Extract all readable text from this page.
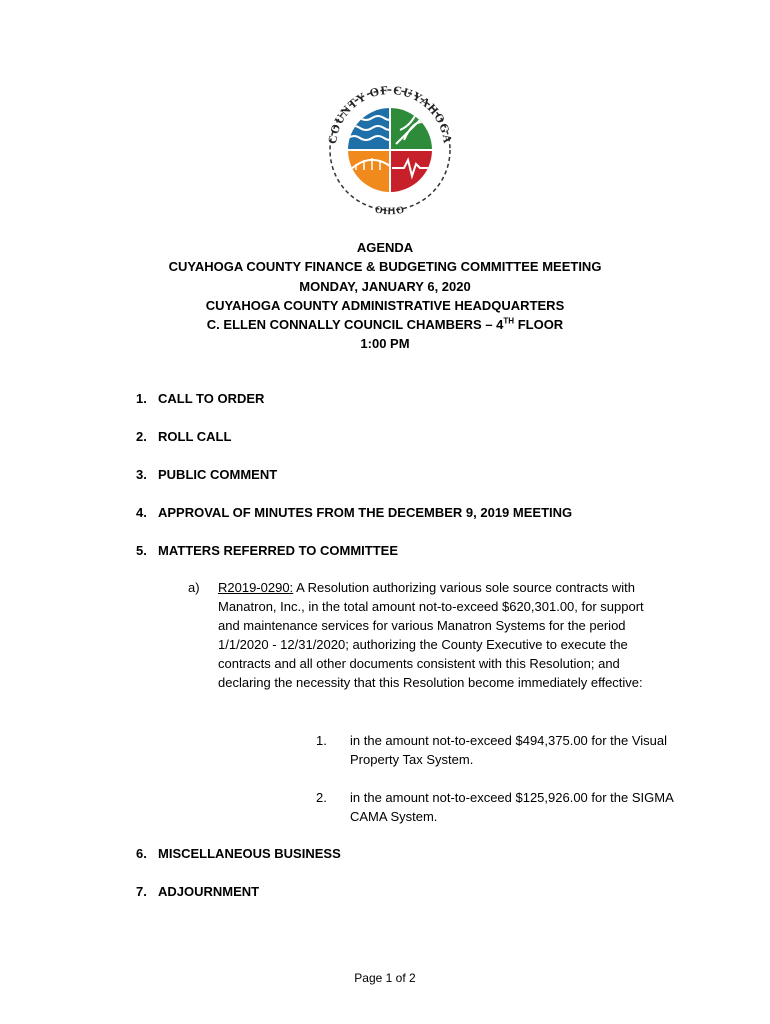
COUNTY OF CUYAHOGA
OHIO
AGENDA
CUYAHOGA COUNTY FINANCE & BUDGETING COMMITTEE MEETING
MONDAY, JANUARY 6, 2020
CUYAHOGA COUNTY ADMINISTRATIVE HEADQUARTERS
C. ELLEN CONNALLY COUNCIL CHAMBERS – 4TH FLOOR
1:00 PM
1. CALL TO ORDER
2. ROLL CALL
3. PUBLIC COMMENT
4. APPROVAL OF MINUTES FROM THE DECEMBER 9, 2019 MEETING
5. MATTERS REFERRED TO COMMITTEE
a) R2019-0290: A Resolution authorizing various sole source contracts with Manatron, Inc., in the total amount not-to-exceed $620,301.00, for support and maintenance services for various Manatron Systems for the period 1/1/2020 - 12/31/2020; authorizing the County Executive to execute the contracts and all other documents consistent with this Resolution; and declaring the necessity that this Resolution become immediately effective:
1. in the amount not-to-exceed $494,375.00 for the Visual Property Tax System.
2. in the amount not-to-exceed $125,926.00 for the SIGMA CAMA System.
6. MISCELLANEOUS BUSINESS
7. ADJOURNMENT
Page 1 of 2
